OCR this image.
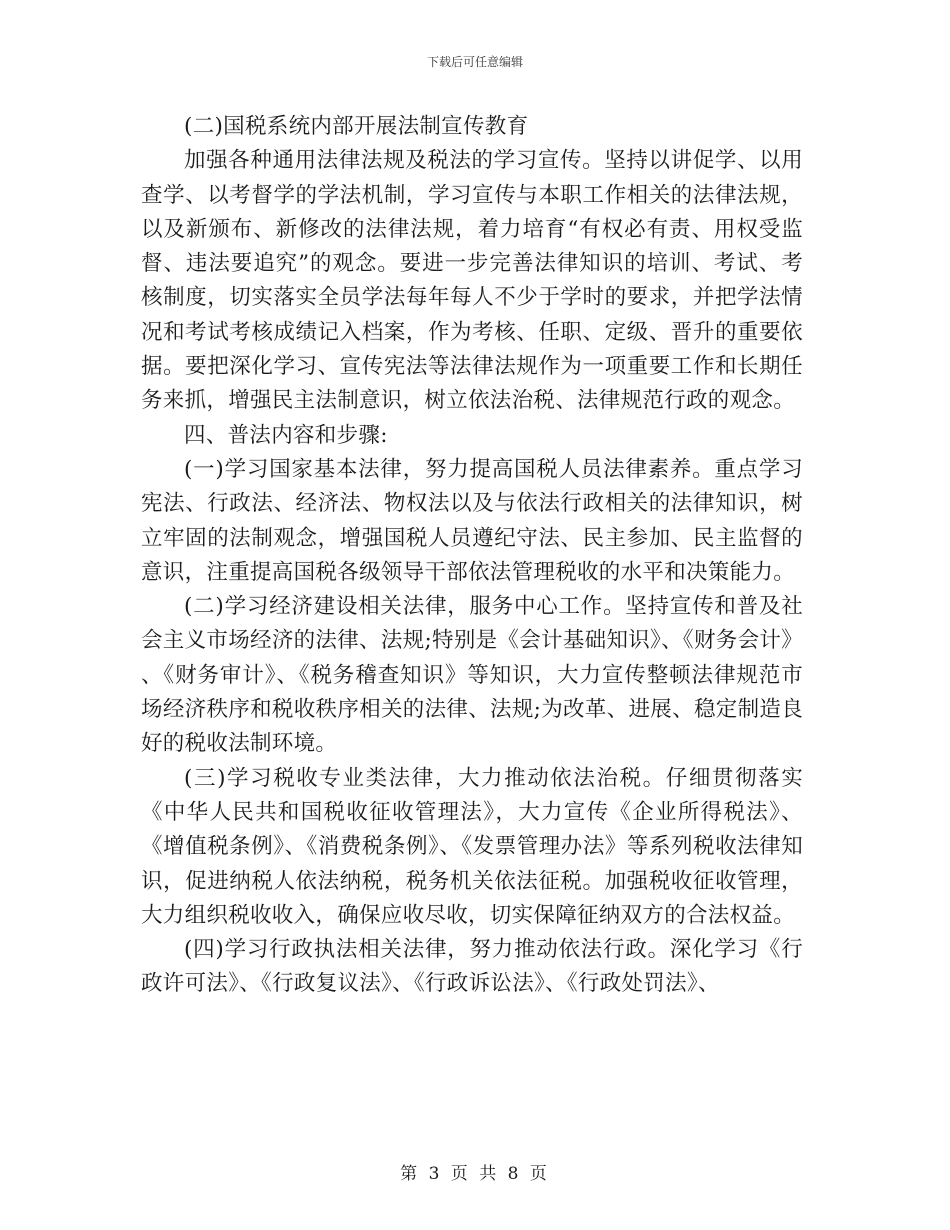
下载后可任意编辑

(二)国税系统内部开展法制宣传教育

加强各种通用法律法规及税法的学习宣传。坚持以讲促学、以用查学、以考督学的学法机制，学习宣传与本职工作相关的法律法规，以及新颁布、新修改的法律法规，着力培育“有权必有责、用权受监督、违法要追究”的观念。要进一步完善法律知识的培训、考试、考核制度，切实落实全员学法每年每人不少于学时的要求，并把学法情况和考试考核成绩记入档案，作为考核、任职、定级、晋升的重要依据。要把深化学习、宣传宪法等法律法规作为一项重要工作和长期任务来抓，增强民主法制意识，树立依法治税、法律规范行政的观念。

四、普法内容和步骤:

(一)学习国家基本法律，努力提高国税人员法律素养。重点学习宪法、行政法、经济法、物权法以及与依法行政相关的法律知识，树立牢固的法制观念，增强国税人员遵纪守法、民主参加、民主监督的意识，注重提高国税各级领导干部依法管理税收的水平和决策能力。

(二)学习经济建设相关法律，服务中心工作。坚持宣传和普及社会主义市场经济的法律、法规;特别是《会计基础知识》、《财务会计》 、《财务审计》、《税务稽查知识》等知识，大力宣传整顿法律规范市场经济秩序和税收秩序相关的法律、法规;为改革、进展、稳定制造良好的税收法制环境。

(三)学习税收专业类法律，大力推动依法治税。仔细贯彻落实《中华人民共和国税收征收管理法》，大力宣传《企业所得税法》、《增值税条例》、《消费税条例》、《发票管理办法》等系列税收法律知识，促进纳税人依法纳税，税务机关依法征税。加强税收征收管理，大力组织税收收入，确保应收尽收，切实保障征纳双方的合法权益。

(四)学习行政执法相关法律，努力推动依法行政。深化学习《行政许可法》、《行政复议法》、《行政诉讼法》、《行政处罚法》、

第 3 页 共 8 页
